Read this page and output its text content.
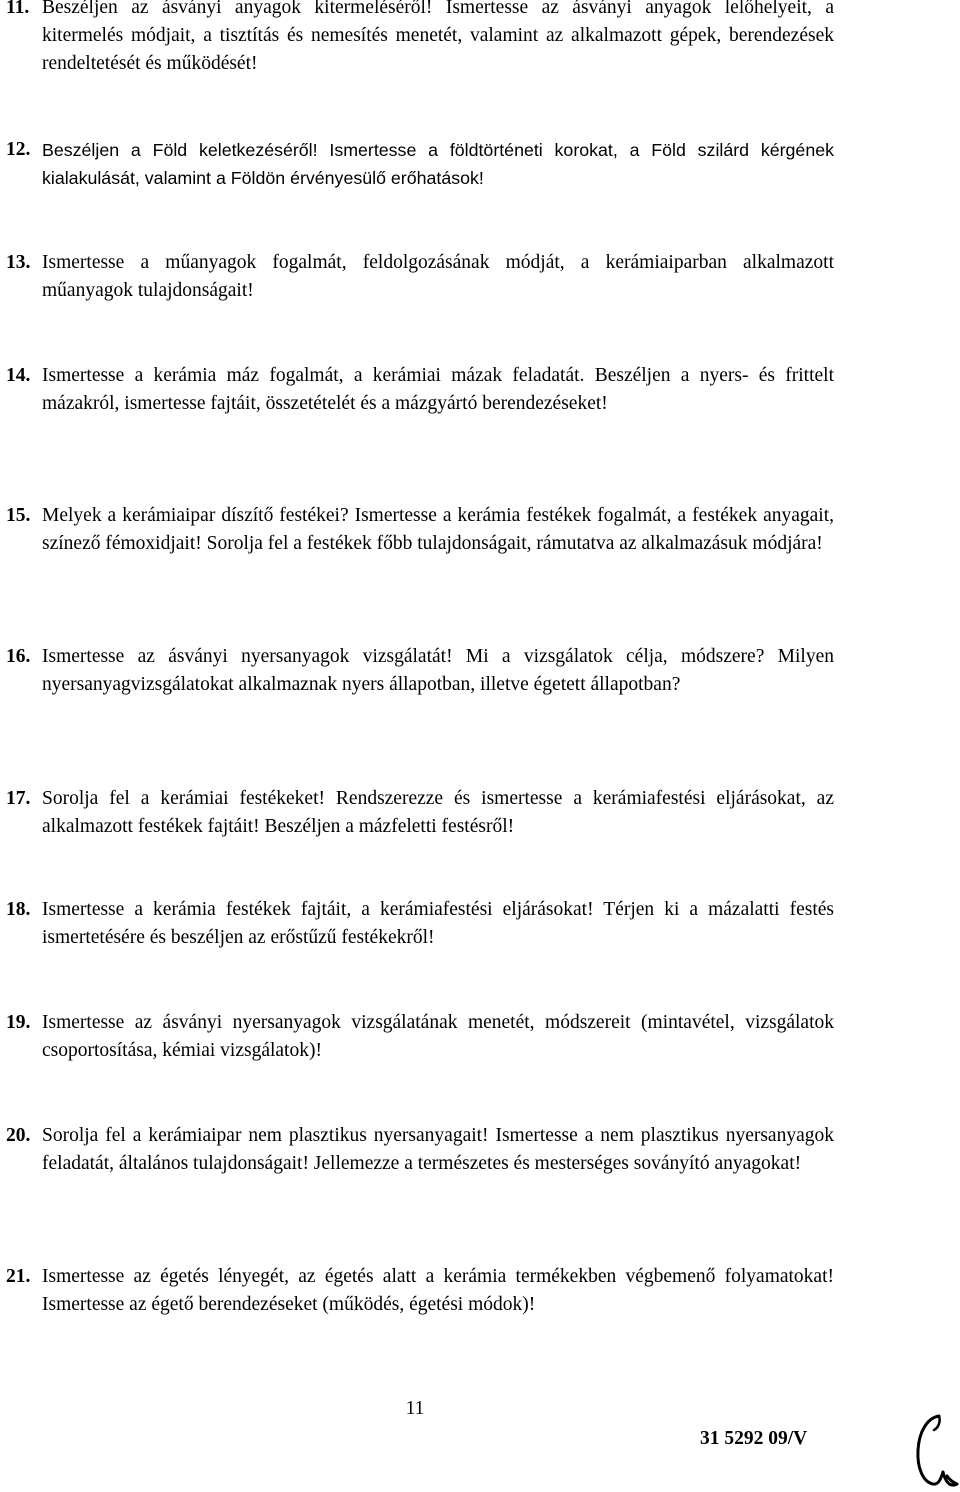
11. Beszéljen az ásványi anyagok kitermeléséről! Ismertesse az ásványi anyagok lelőhelyeit, a kitermelés módjait, a tisztítás és nemesítés menetét, valamint az alkalmazott gépek, berendezések rendeltetését és működését!
12. Beszéljen a Föld keletkezéséről! Ismertesse a földtörténeti korokat, a Föld szilárd kérgének kialakulását, valamint a Földön érvényesülő erőhatások!
13. Ismertesse a műanyagok fogalmát, feldolgozásának módját, a kerámiaiparban alkalmazott műanyagok tulajdonságait!
14. Ismertesse a kerámia máz fogalmát, a kerámiai mázak feladatát. Beszéljen a nyers- és frittelt mázakról, ismertesse fajtáit, összetételét és a mázgyártó berendezéseket!
15. Melyek a kerámiaipar díszítő festékei? Ismertesse a kerámia festékek fogalmát, a festékek anyagait, színező fémoxidjait! Sorolja fel a festékek főbb tulajdonságait, rámutatva az alkalmazásuk módjára!
16. Ismertesse az ásványi nyersanyagok vizsgálatát! Mi a vizsgálatok célja, módszere? Milyen nyersanyagvizsgálatokat alkalmaznak nyers állapotban, illetve égetett állapotban?
17. Sorolja fel a kerámiai festékeket! Rendszerezze és ismertesse a kerámiafestési eljárásokat, az alkalmazott festékek fajtáit! Beszéljen a mázfeletti festésről!
18. Ismertesse a kerámia festékek fajtáit, a kerámiafestési eljárásokat! Térjen ki a mázalatti festés ismertetésére és beszéljen az erőstűzű festékekről!
19. Ismertesse az ásványi nyersanyagok vizsgálatának menetét, módszereit (mintavétel, vizsgálatok csoportosítása, kémiai vizsgálatok)!
20. Sorolja fel a kerámiaipar nem plasztikus nyersanyagait! Ismertesse a nem plasztikus nyersanyagok feladatát, általános tulajdonságait! Jellemezze a természetes és mesterséges soványító anyagokat!
21. Ismertesse az égetés lényegét, az égetés alatt a kerámia termékekben végbemenő folyamatokat! Ismertesse az égető berendezéseket (működés, égetési módok)!
11
31 5292 09/V
